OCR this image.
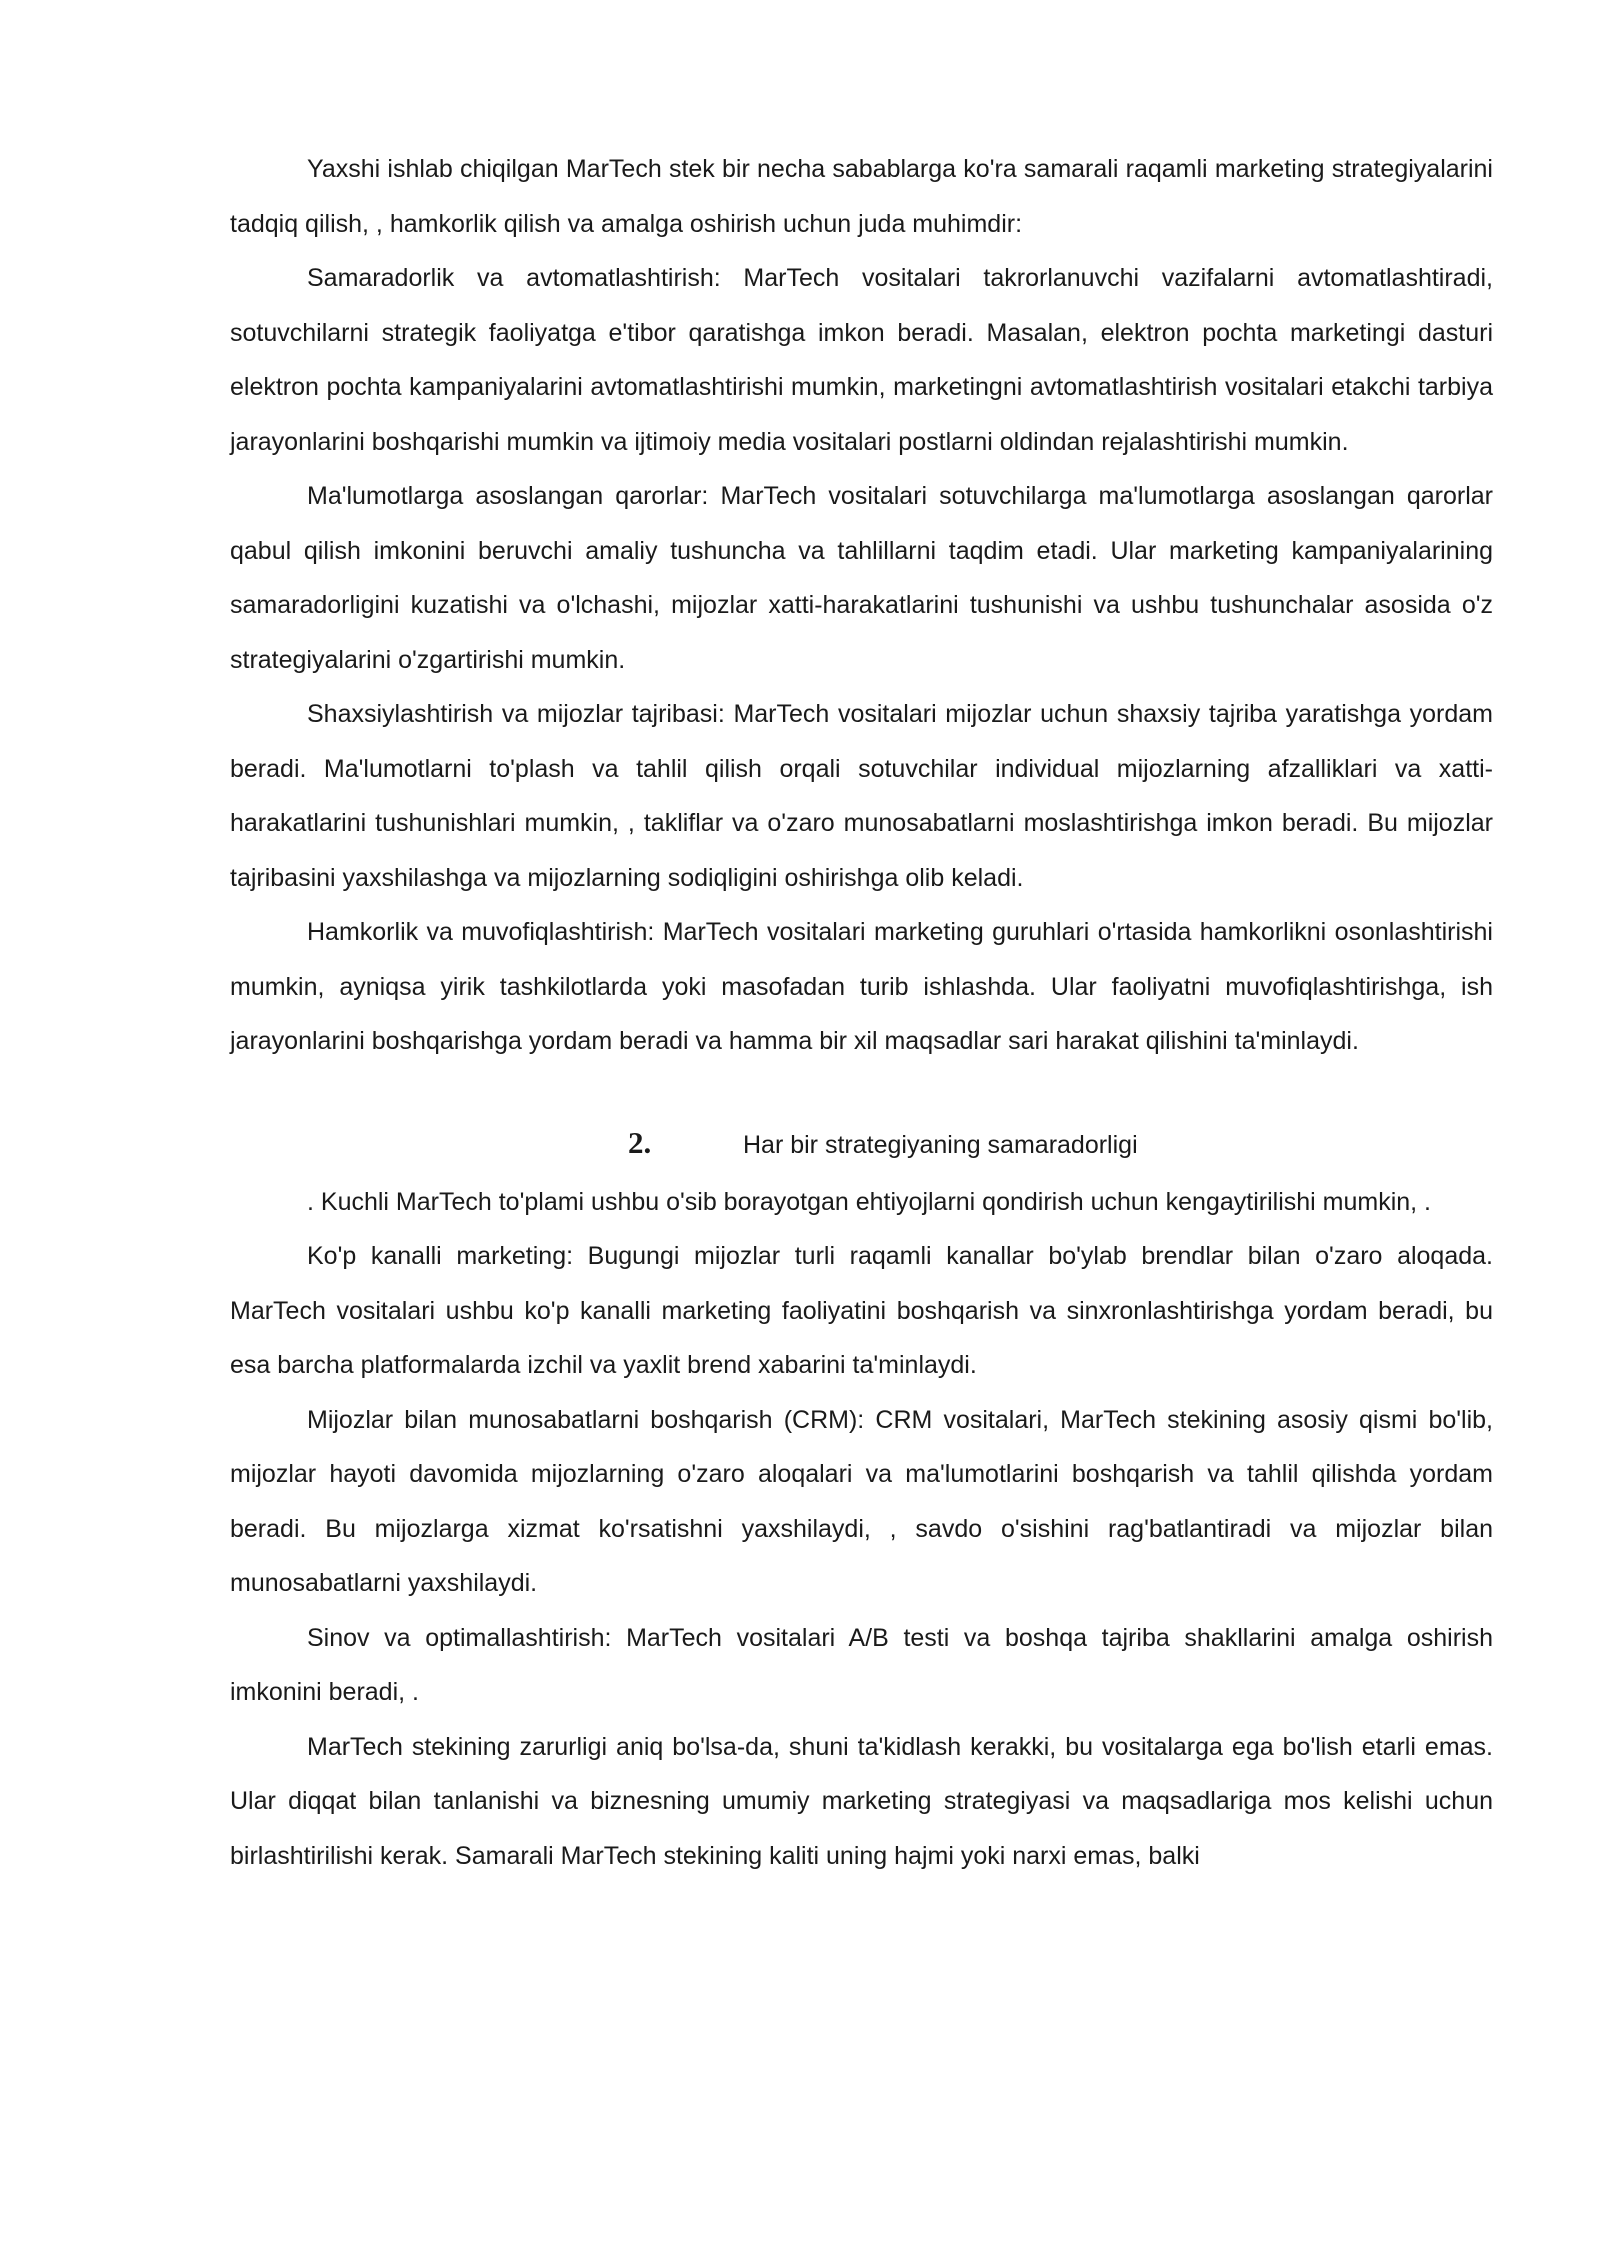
Yaxshi ishlab chiqilgan MarTech stek bir necha sabablarga ko'ra samarali raqamli marketing strategiyalarini tadqiq qilish, , hamkorlik qilish va amalga oshirish uchun juda muhimdir:

Samaradorlik va avtomatlashtirish: MarTech vositalari takrorlanuvchi vazifalarni avtomatlashtiradi, sotuvchilarni strategik faoliyatga e'tibor qaratishga imkon beradi. Masalan, elektron pochta marketingi dasturi elektron pochta kampaniyalarini avtomatlashtirishi mumkin, marketingni avtomatlashtirish vositalari etakchi tarbiya jarayonlarini boshqarishi mumkin va ijtimoiy media vositalari postlarni oldindan rejalashtirishi mumkin.

Ma'lumotlarga asoslangan qarorlar: MarTech vositalari sotuvchilarga ma'lumotlarga asoslangan qarorlar qabul qilish imkonini beruvchi amaliy tushuncha va tahlillarni taqdim etadi. Ular marketing kampaniyalarining samaradorligini kuzatishi va o'lchashi, mijozlar xatti-harakatlarini tushunishi va ushbu tushunchalar asosida o'z strategiyalarini o'zgartirishi mumkin.

Shaxsiylashtirish va mijozlar tajribasi: MarTech vositalari mijozlar uchun shaxsiy tajriba yaratishga yordam beradi. Ma'lumotlarni to'plash va tahlil qilish orqali sotuvchilar individual mijozlarning afzalliklari va xatti-harakatlarini tushunishlari mumkin, , takliflar va o'zaro munosabatlarni moslashtirishga imkon beradi. Bu mijozlar tajribasini yaxshilashga va mijozlarning sodiqligini oshirishga olib keladi.

Hamkorlik va muvofiqlashtirish: MarTech vositalari marketing guruhlari o'rtasida hamkorlikni osonlashtirishi mumkin, ayniqsa yirik tashkilotlarda yoki masofadan turib ishlashda. Ular faoliyatni muvofiqlashtirishga, ish jarayonlarini boshqarishga yordam beradi va hamma bir xil maqsadlar sari harakat qilishini ta'minlaydi.

2.	Har bir strategiyaning samaradorligi

. Kuchli MarTech to'plami ushbu o'sib borayotgan ehtiyojlarni qondirish uchun kengaytirilishi mumkin, .

Ko'p kanalli marketing: Bugungi mijozlar turli raqamli kanallar bo'ylab brendlar bilan o'zaro aloqada. MarTech vositalari ushbu ko'p kanalli marketing faoliyatini boshqarish va sinxronlashtirishga yordam beradi, bu esa barcha platformalarda izchil va yaxlit brend xabarini ta'minlaydi.

Mijozlar bilan munosabatlarni boshqarish (CRM): CRM vositalari, MarTech stekining asosiy qismi bo'lib, mijozlar hayoti davomida mijozlarning o'zaro aloqalari va ma'lumotlarini boshqarish va tahlil qilishda yordam beradi. Bu mijozlarga xizmat ko'rsatishni yaxshilaydi, , savdo o'sishini rag'batlantiradi va mijozlar bilan munosabatlarni yaxshilaydi.

Sinov va optimallashtirish: MarTech vositalari A/B testi va boshqa tajriba shakllarini amalga oshirish imkonini beradi, .

MarTech stekining zarurligi aniq bo'lsa-da, shuni ta'kidlash kerakki, bu vositalarga ega bo'lish etarli emas. Ular diqqat bilan tanlanishi va biznesning umumiy marketing strategiyasi va maqsadlariga mos kelishi uchun birlashtirilishi kerak. Samarali MarTech stekining kaliti uning hajmi yoki narxi emas, balki
